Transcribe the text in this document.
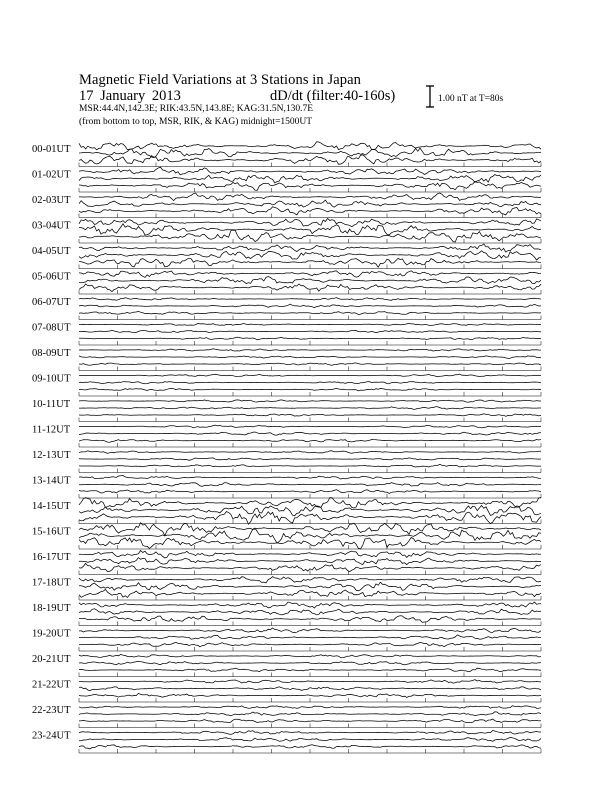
Magnetic Field Variations at 3 Stations in Japan
17 January 2013	dD/dt (filter:40-160s)
MSR:44.4N,142.3E; RIK:43.5N,143.8E; KAG:31.5N,130.7E
(from bottom to top, MSR, RIK, & KAG) midnight=1500UT
1.00 nT at T=80s
00-01UT
01-02UT
02-03UT
03-04UT
04-05UT
05-06UT
06-07UT
07-08UT
08-09UT
09-10UT
10-11UT
11-12UT
12-13UT
13-14UT
14-15UT
15-16UT
16-17UT
17-18UT
18-19UT
19-20UT
20-21UT
21-22UT
22-23UT
23-24UT
